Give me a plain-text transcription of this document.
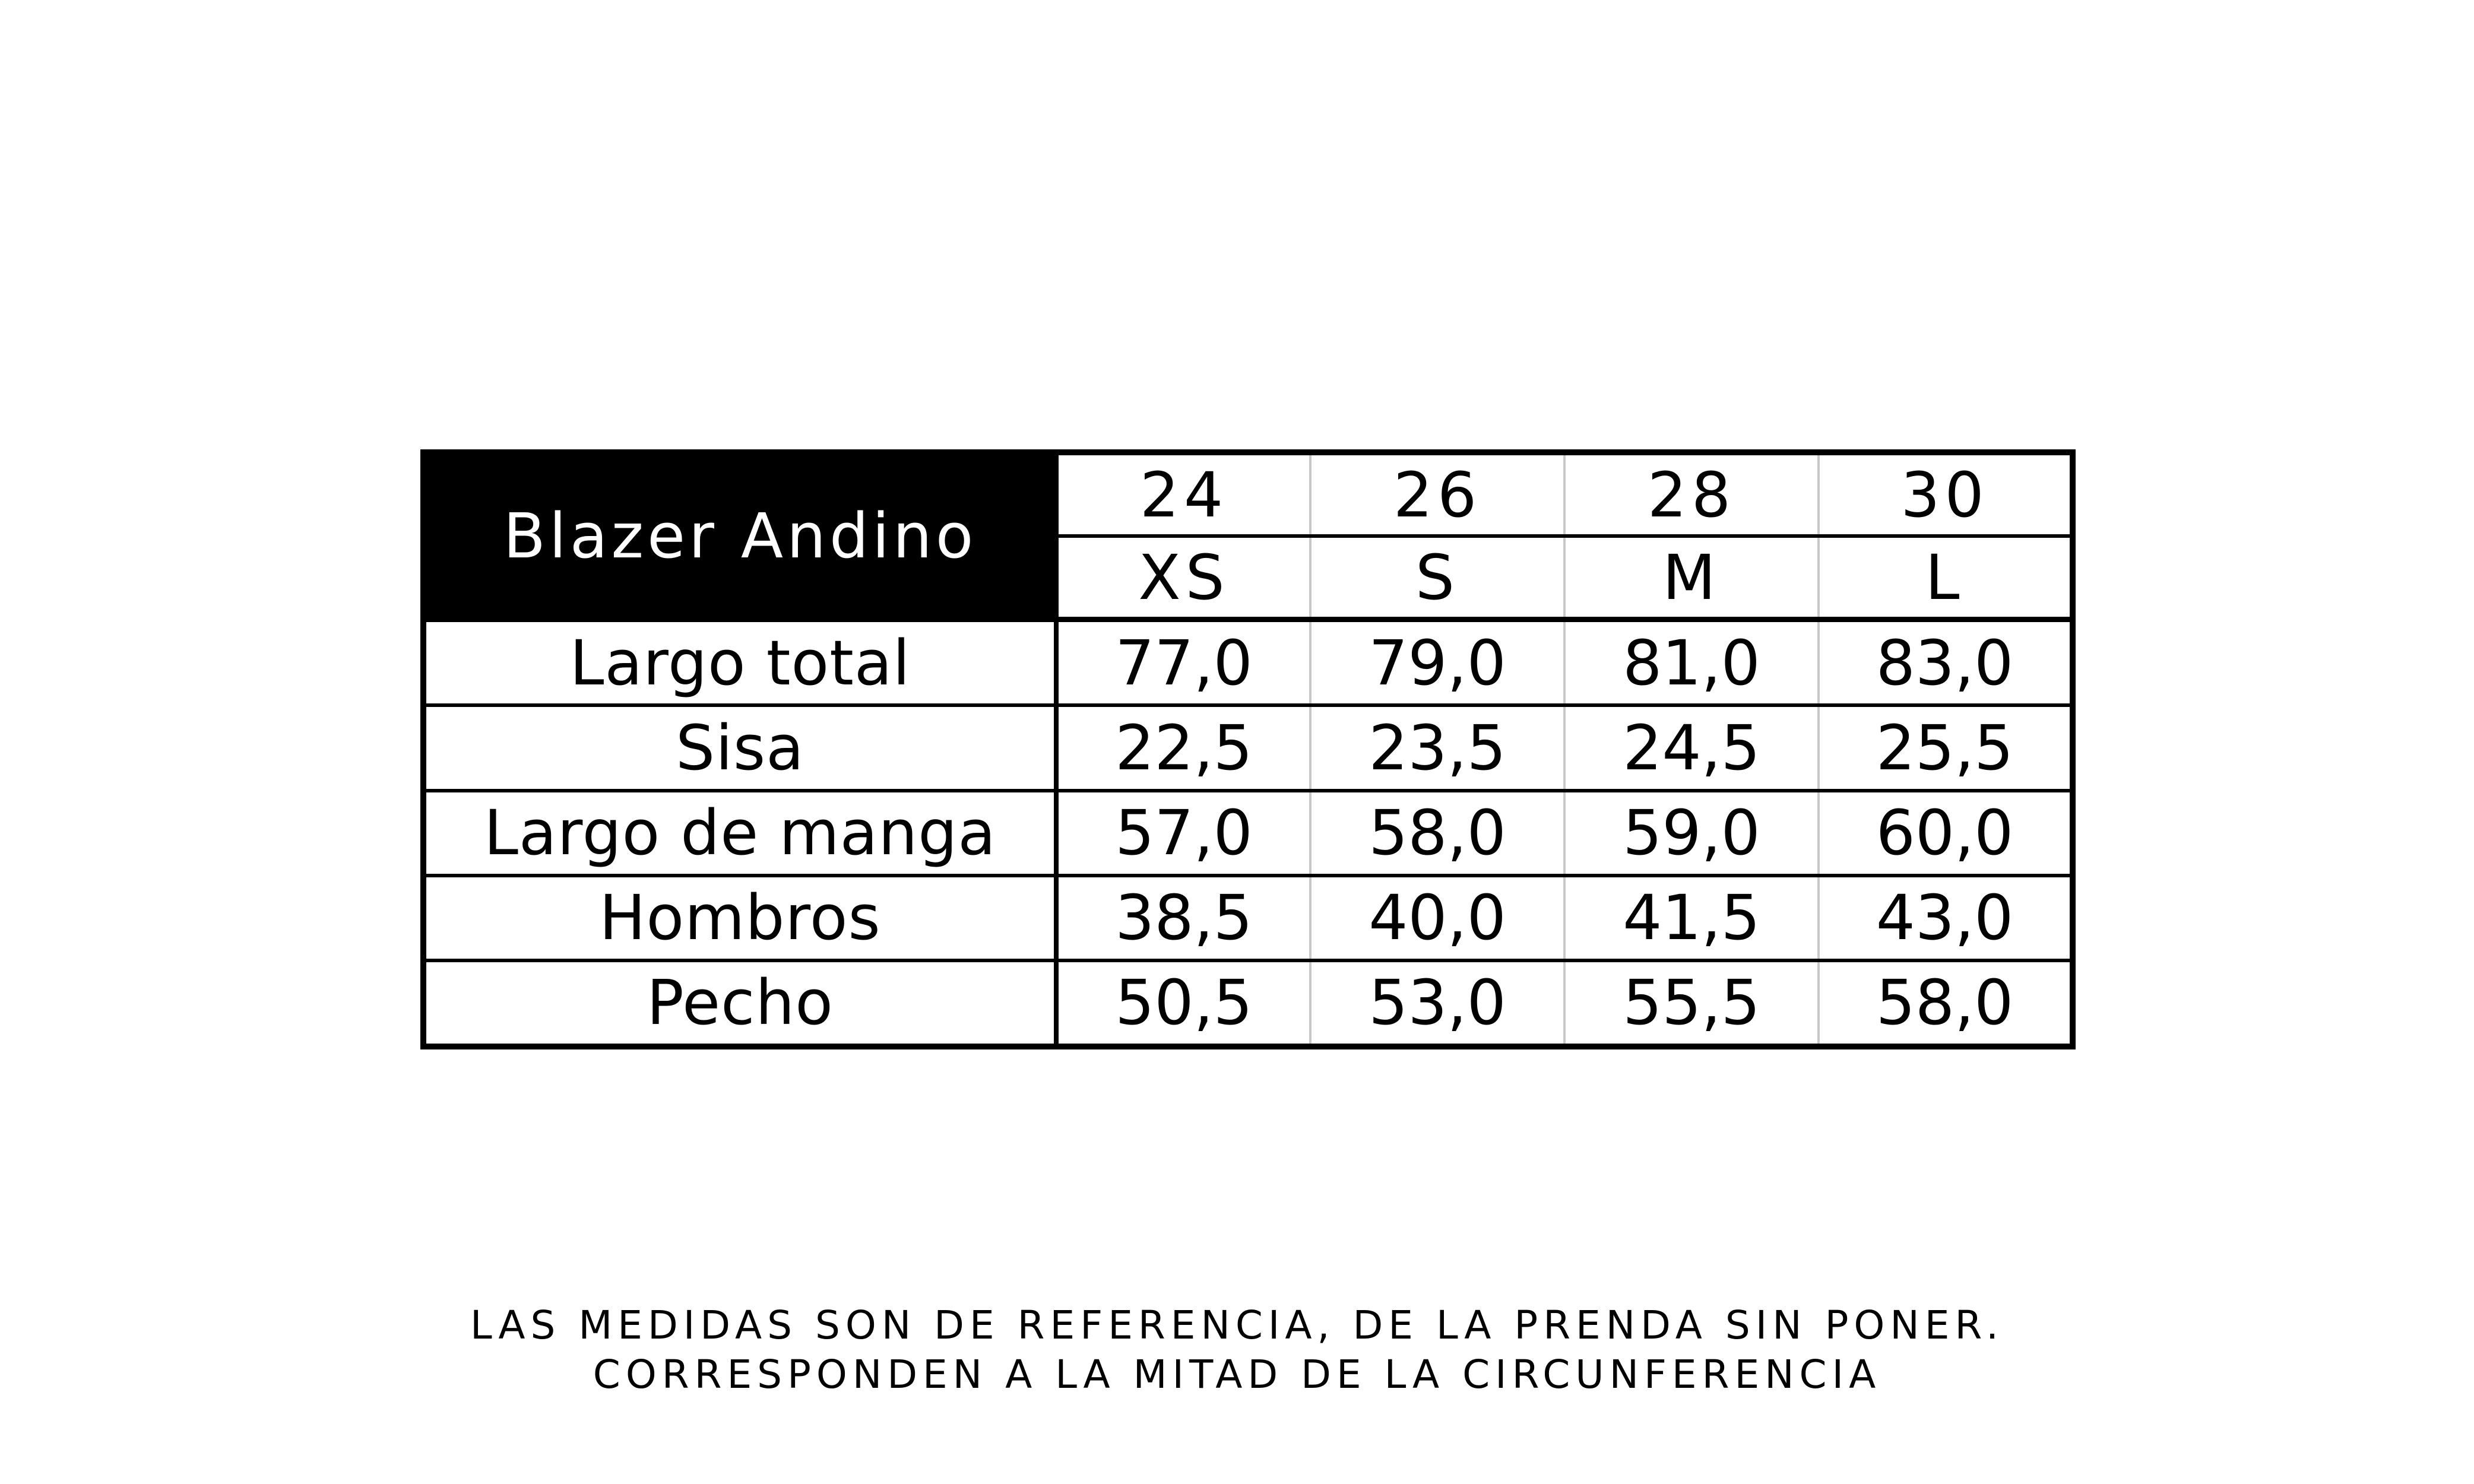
Blazer Andino	24	26	28	30
	XS	S	M	L
Largo total	77,0	79,0	81,0	83,0
Sisa	22,5	23,5	24,5	25,5
Largo de manga	57,0	58,0	59,0	60,0
Hombros	38,5	40,0	41,5	43,0
Pecho	50,5	53,0	55,5	58,0
LAS MEDIDAS SON DE REFERENCIA, DE LA PRENDA SIN PONER.
CORRESPONDEN A LA MITAD DE LA CIRCUNFERENCIA
